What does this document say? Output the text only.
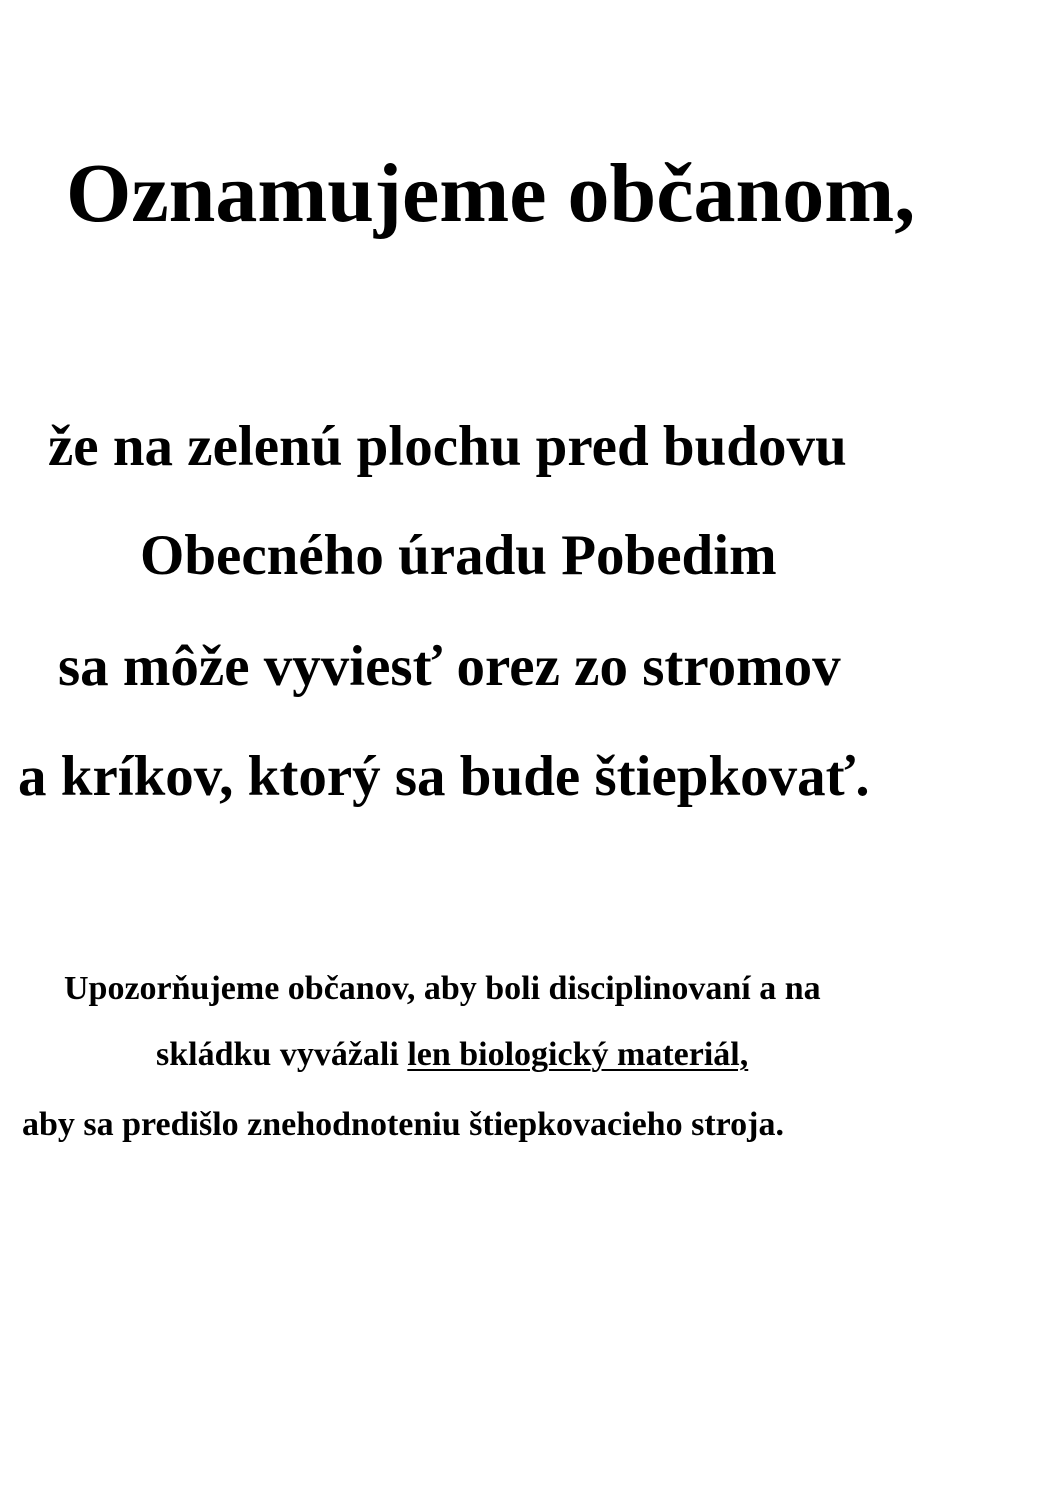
Oznamujeme občanom,
že na zelenú plochu pred budovu
Obecného úradu Pobedim
sa môže vyviesť orez zo stromov
a kríkov, ktorý sa bude štiepkovať.
Upozorňujeme občanov, aby boli disciplinovaní a na
skládku vyvážali len biologický materiál,
aby sa predišlo znehodnoteniu štiepkovacieho stroja.
